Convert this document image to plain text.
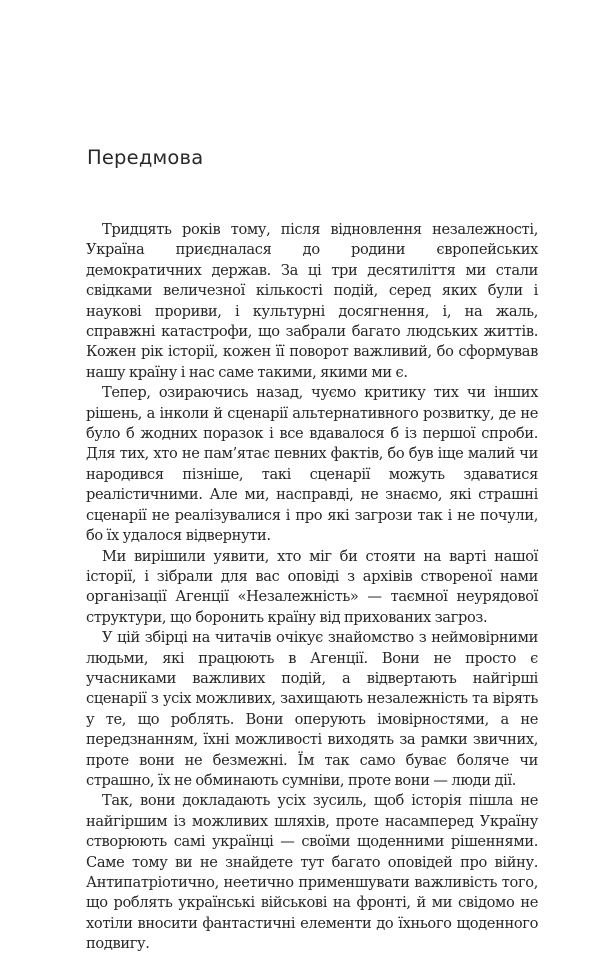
Передмова

Тридцять років тому, після відновлення незалежності, Україна приєдналася до родини європейських демократичних держав. За ці три десятиліття ми стали свідками величезної кількості подій, серед яких були і наукові прориви, і культурні досягнення, і, на жаль, справжні катастрофи, що забрали багато людських життів. Кожен рік історії, кожен її поворот важливий, бо сформував нашу країну і нас саме такими, якими ми є.

Тепер, озираючись назад, чуємо критику тих чи інших рішень, а інколи й сценарії альтернативного розвитку, де не було б жодних поразок і все вдавалося б із першої спроби. Для тих, хто не пам’ятає певних фактів, бо був іще малий чи народився пізніше, такі сценарії можуть здаватися реалістичними. Але ми, насправді, не знаємо, які страшні сценарії не реалізувалися і про які загрози так і не почули, бо їх удалося відвернути.

Ми вирішили уявити, хто міг би стояти на варті нашої історії, і зібрали для вас оповіді з архівів створеної нами організації Агенції «Незалежність» — таємної неурядової структури, що боронить країну від прихованих загроз.

У цій збірці на читачів очікує знайомство з неймовірними людьми, які працюють в Агенції. Вони не просто є учасниками важливих подій, а відвертають найгірші сценарії з усіх можливих, захищають незалежність та вірять у те, що роблять. Вони оперують імовірностями, а не передзнанням, їхні можливості виходять за рамки звичних, проте вони не безмежні. Їм так само буває боляче чи страшно, їх не обминають сумніви, проте вони — люди дії.

Так, вони докладають усіх зусиль, щоб історія пішла не найгіршим із можливих шляхів, проте насамперед Україну створюють самі українці — своїми щоденними рішеннями. Саме тому ви не знайдете тут багато оповідей про війну. Антипатріотично, неетично применшувати важливість того, що роблять українські військові на фронті, й ми свідомо не хотіли вносити фантастичні елементи до їхнього щоденного подвигу.
